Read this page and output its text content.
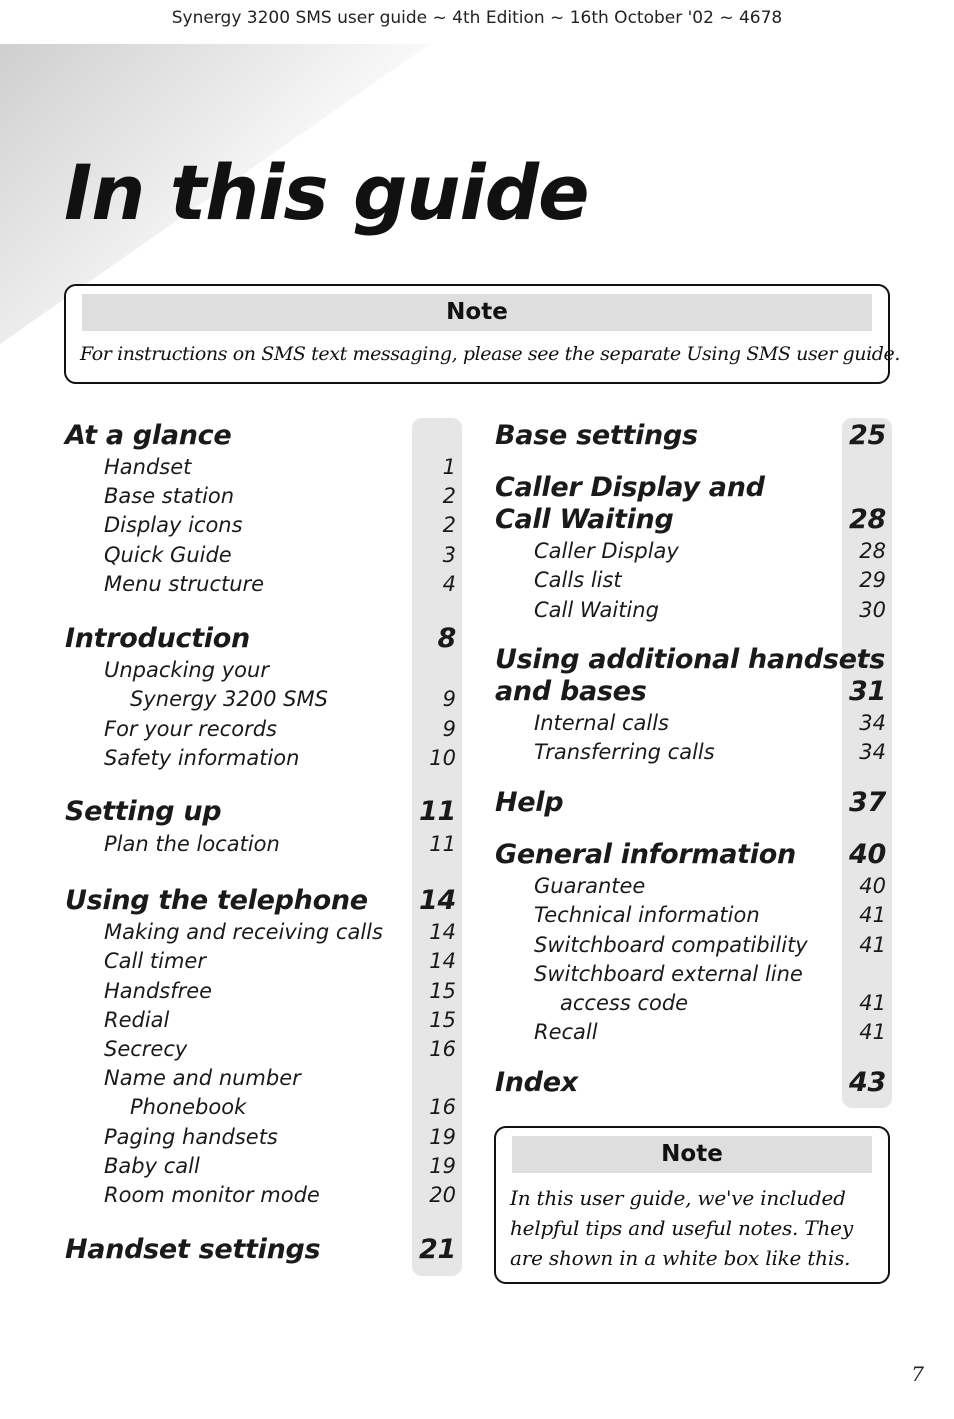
Synergy 3200 SMS user guide ~ 4th Edition ~ 16th October '02 ~ 4678
In this guide
Note
For instructions on SMS text messaging, please see the separate Using SMS user guide.
At a glance
Handset	1
Base station	2
Display icons	2
Quick Guide	3
Menu structure	4
Introduction	8
Unpacking your
Synergy 3200 SMS	9
For your records	9
Safety information	10
Setting up	11
Plan the location	11
Using the telephone	14
Making and receiving calls	14
Call timer	14
Handsfree	15
Redial	15
Secrecy	16
Name and number
Phonebook	16
Paging handsets	19
Baby call	19
Room monitor mode	20
Handset settings	21
Base settings	25
Caller Display and
Call Waiting	28
Caller Display	28
Calls list	29
Call Waiting	30
Using additional handsets
and bases	31
Internal calls	34
Transferring calls	34
Help	37
General information	40
Guarantee	40
Technical information	41
Switchboard compatibility	41
Switchboard external line
access code	41
Recall	41
Index	43
Note
In this user guide, we've included
helpful tips and useful notes. They
are shown in a white box like this.
7
